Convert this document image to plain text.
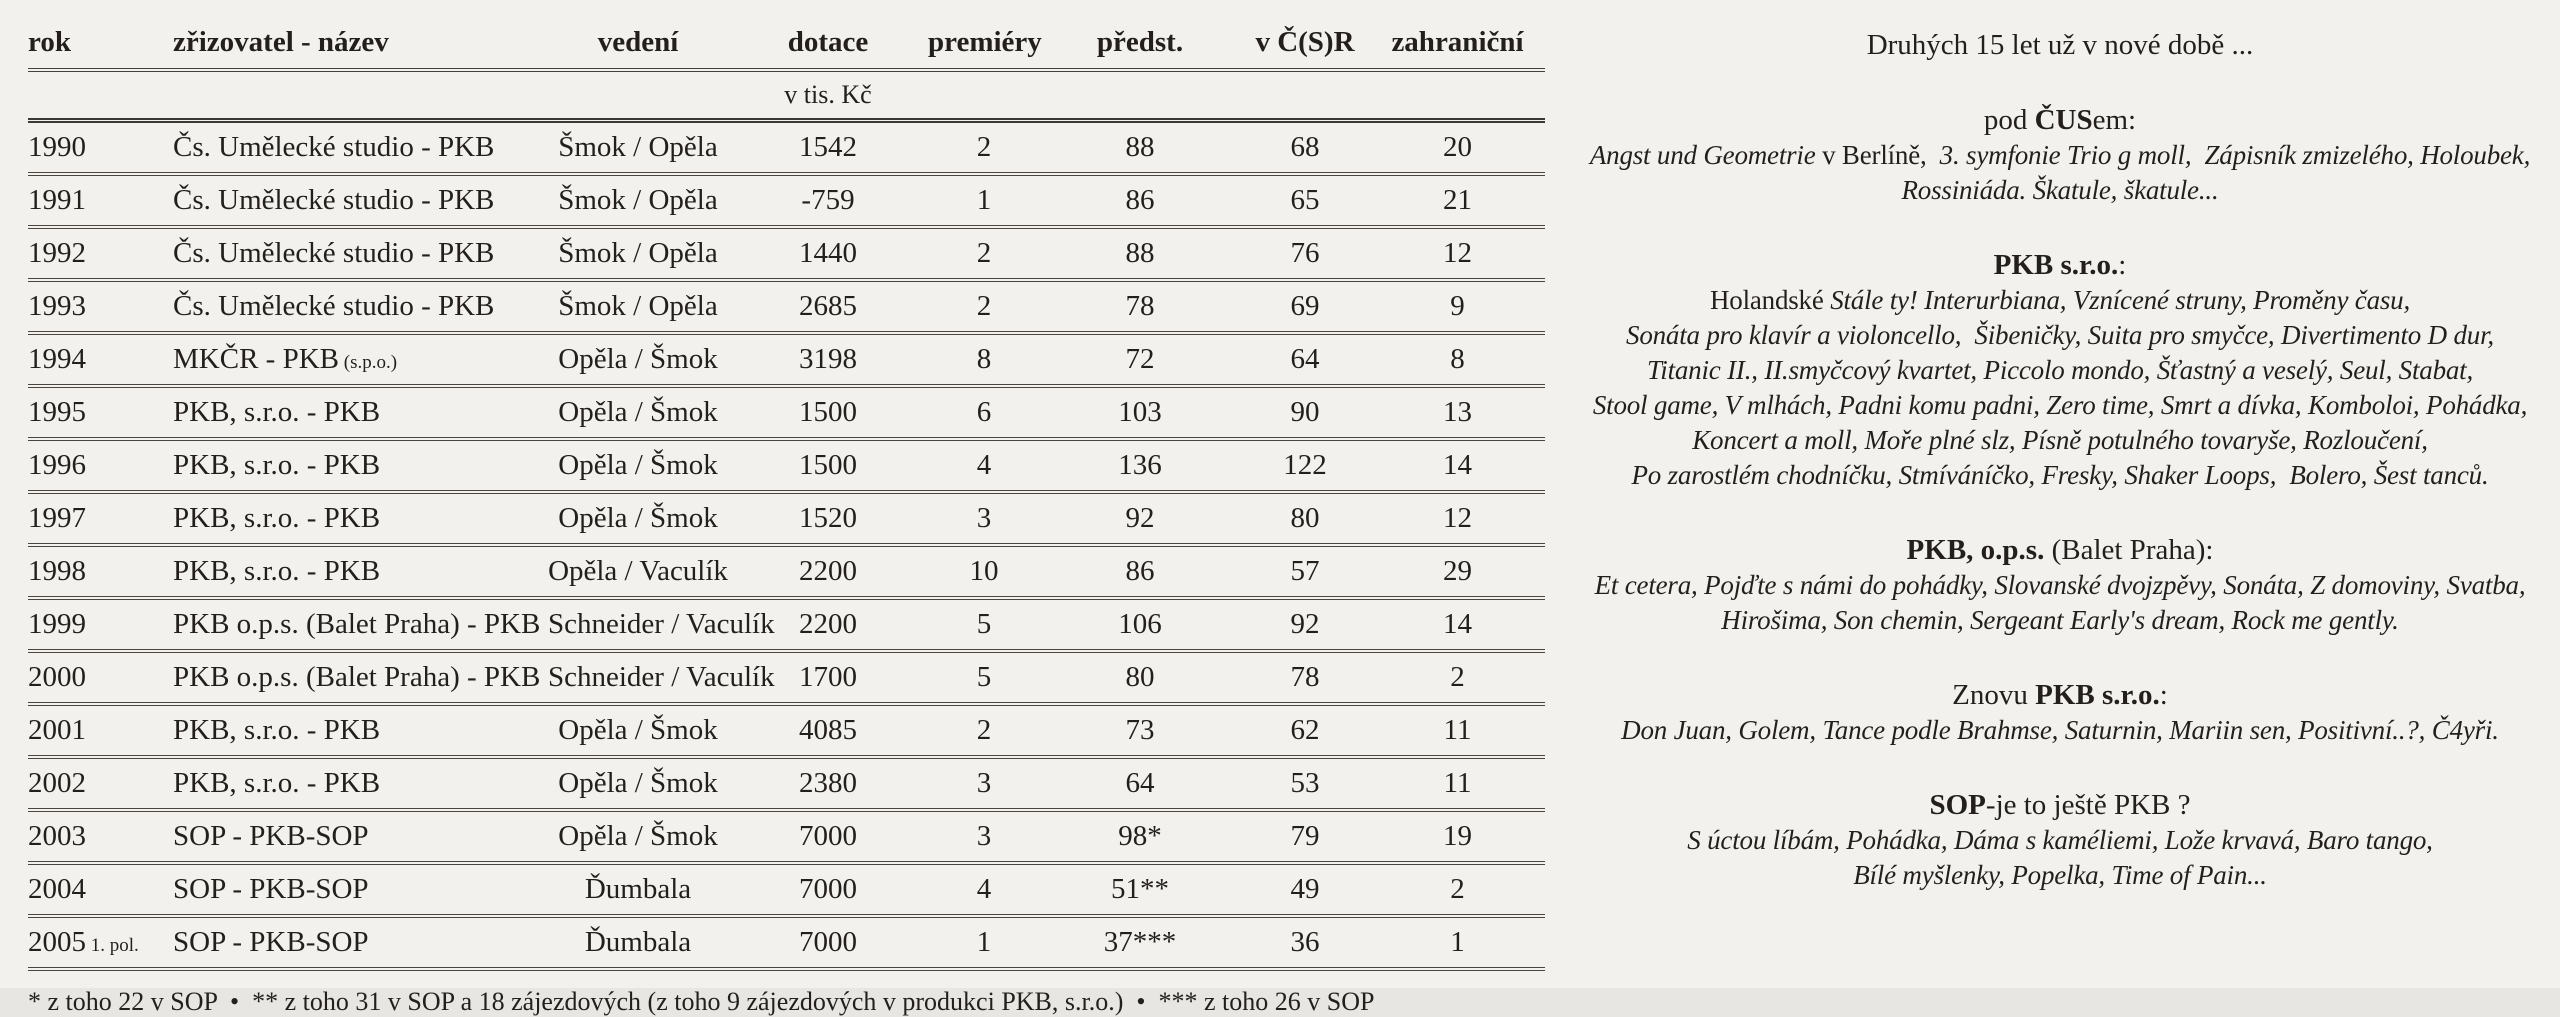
rok	zřizovatel - název	vedení	dotace	premiéry	předst.	v Č(S)R	zahraniční
			v tis. Kč				
1990	Čs. Umělecké studio - PKB	Šmok / Opěla	1542	2	88	68	20
1991	Čs. Umělecké studio - PKB	Šmok / Opěla	-759	1	86	65	21
1992	Čs. Umělecké studio - PKB	Šmok / Opěla	1440	2	88	76	12
1993	Čs. Umělecké studio - PKB	Šmok / Opěla	2685	2	78	69	9
1994	MKČR - PKB (s.p.o.)	Opěla / Šmok	3198	8	72	64	8
1995	PKB, s.r.o. - PKB	Opěla / Šmok	1500	6	103	90	13
1996	PKB, s.r.o. - PKB	Opěla / Šmok	1500	4	136	122	14
1997	PKB, s.r.o. - PKB	Opěla / Šmok	1520	3	92	80	12
1998	PKB, s.r.o. - PKB	Opěla / Vaculík	2200	10	86	57	29
1999	PKB o.p.s. (Balet Praha) - PKB	Schneider / Vaculík	2200	5	106	92	14
2000	PKB o.p.s. (Balet Praha) - PKB	Schneider / Vaculík	1700	5	80	78	2
2001	PKB, s.r.o. - PKB	Opěla / Šmok	4085	2	73	62	11
2002	PKB, s.r.o. - PKB	Opěla / Šmok	2380	3	64	53	11
2003	SOP - PKB-SOP	Opěla / Šmok	7000	3	98*	79	19
2004	SOP - PKB-SOP	Ďumbala	7000	4	51**	49	2
2005 1. pol.	SOP - PKB-SOP	Ďumbala	7000	1	37***	36	1
* z toho 22 v SOP  •  ** z toho 31 v SOP a 18 zájezdových (z toho 9 zájezdových v produkci PKB, s.r.o.)  •  *** z toho 26 v SOP
Druhých 15 let už v nové době ...
pod ČUSem:
Angst und Geometrie v Berlíně,  3. symfonie Trio g moll,  Zápisník zmizelého, Holoubek,
Rossiniáda. Škatule, škatule...
PKB s.r.o.:
Holandské Stále ty! Interurbiana, Vznícené struny, Proměny času,
Sonáta pro klavír a violoncello,  Šibeničky, Suita pro smyčce, Divertimento D dur,
Titanic II., II.smyčcový kvartet, Piccolo mondo, Šťastný a veselý, Seul, Stabat,
Stool game, V mlhách, Padni komu padni, Zero time, Smrt a dívka, Komboloi, Pohádka,
Koncert a moll, Moře plné slz, Písně potulného tovaryše, Rozloučení,
Po zarostlém chodníčku, Stmíváníčko, Fresky, Shaker Loops,  Bolero, Šest tanců.
PKB, o.p.s. (Balet Praha):
Et cetera, Pojďte s námi do pohádky, Slovanské dvojzpěvy, Sonáta, Z domoviny, Svatba,
Hirošima, Son chemin, Sergeant Early's dream, Rock me gently.
Znovu PKB s.r.o.:
Don Juan, Golem, Tance podle Brahmse, Saturnin, Mariin sen, Positivní..?, Č4yři.
SOP-je to ještě PKB ?
S úctou líbám, Pohádka, Dáma s kaméliemi, Lože krvavá, Baro tango,
Bílé myšlenky, Popelka, Time of Pain...
